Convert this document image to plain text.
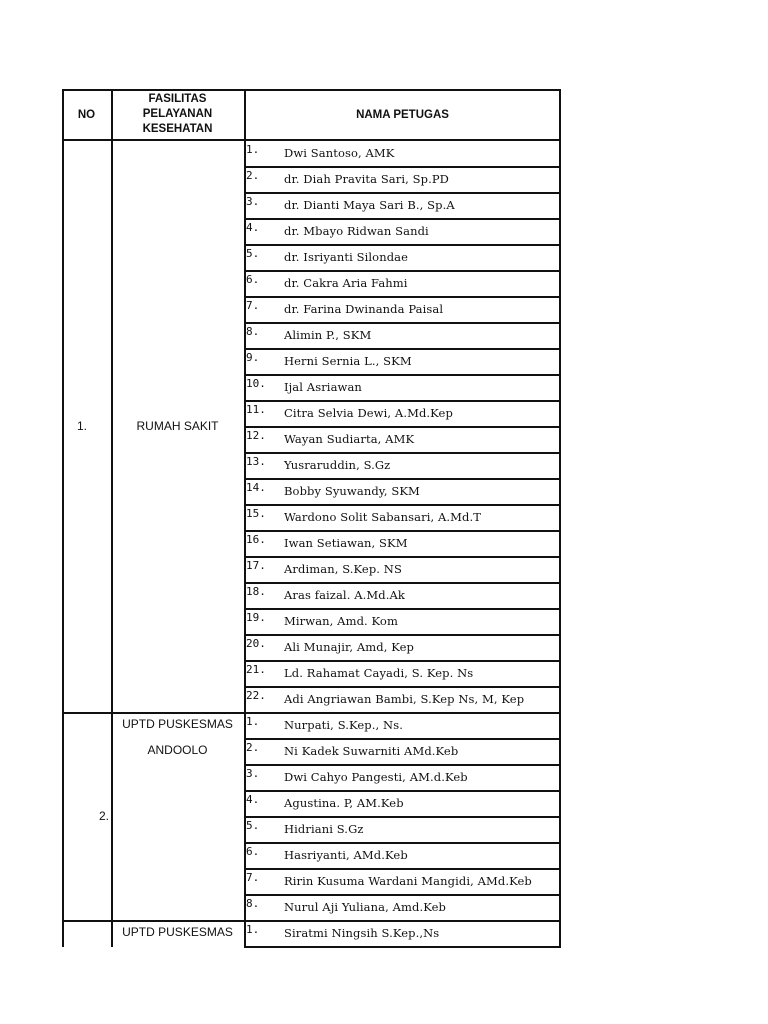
NO
FASILITAS
PELAYANAN
KESEHATAN
NAMA PETUGAS
1.	RUMAH SAKIT
1. Dwi Santoso, AMK
2. dr. Diah Pravita Sari, Sp.PD
3. dr. Dianti Maya Sari B., Sp.A
4. dr. Mbayo Ridwan Sandi
5. dr. Isriyanti Silondae
6. dr. Cakra Aria Fahmi
7. dr. Farina Dwinanda Paisal
8. Alimin P., SKM
9. Herni Sernia L., SKM
10. Ijal Asriawan
11. Citra Selvia Dewi, A.Md.Kep
12. Wayan Sudiarta, AMK
13. Yusraruddin, S.Gz
14. Bobby Syuwandy, SKM
15. Wardono Solit Sabansari, A.Md.T
16. Iwan Setiawan, SKM
17. Ardiman, S.Kep. NS
18. Aras faizal. A.Md.Ak
19. Mirwan, Amd. Kom
20. Ali Munajir, Amd, Kep
21. Ld. Rahamat Cayadi, S. Kep. Ns
22. Adi Angriawan Bambi, S.Kep Ns, M, Kep
2.
UPTD PUSKESMAS
ANDOOLO
1. Nurpati, S.Kep., Ns.
2. Ni Kadek Suwarniti AMd.Keb
3. Dwi Cahyo Pangesti, AM.d.Keb
4. Agustina. P, AM.Keb
5. Hidriani S.Gz
6. Hasriyanti, AMd.Keb
7. Ririn Kusuma Wardani Mangidi, AMd.Keb
8. Nurul Aji Yuliana, Amd.Keb
UPTD PUSKESMAS	1. Siratmi Ningsih S.Kep.,Ns
